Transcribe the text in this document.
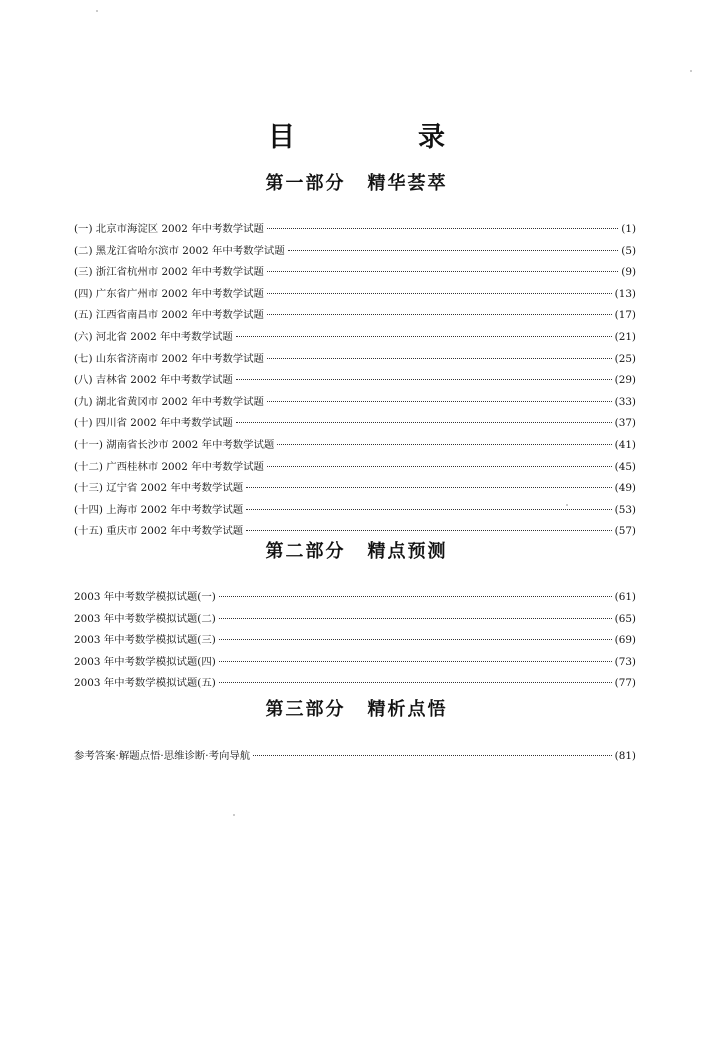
目　录
第一部分 精华荟萃
(一) 北京市海淀区 2002 年中考数学试题	(1)
(二) 黑龙江省哈尔滨市 2002 年中考数学试题	(5)
(三) 浙江省杭州市 2002 年中考数学试题	(9)
(四) 广东省广州市 2002 年中考数学试题	(13)
(五) 江西省南昌市 2002 年中考数学试题	(17)
(六) 河北省 2002 年中考数学试题	(21)
(七) 山东省济南市 2002 年中考数学试题	(25)
(八) 吉林省 2002 年中考数学试题	(29)
(九) 湖北省黄冈市 2002 年中考数学试题	(33)
(十) 四川省 2002 年中考数学试题	(37)
(十一) 湖南省长沙市 2002 年中考数学试题	(41)
(十二) 广西桂林市 2002 年中考数学试题	(45)
(十三) 辽宁省 2002 年中考数学试题	(49)
(十四) 上海市 2002 年中考数学试题	(53)
(十五) 重庆市 2002 年中考数学试题	(57)
第二部分 精点预测
2003 年中考数学模拟试题(一)	(61)
2003 年中考数学模拟试题(二)	(65)
2003 年中考数学模拟试题(三)	(69)
2003 年中考数学模拟试题(四)	(73)
2003 年中考数学模拟试题(五)	(77)
第三部分 精析点悟
参考答案·解题点悟·思维诊断·考向导航	(81)
